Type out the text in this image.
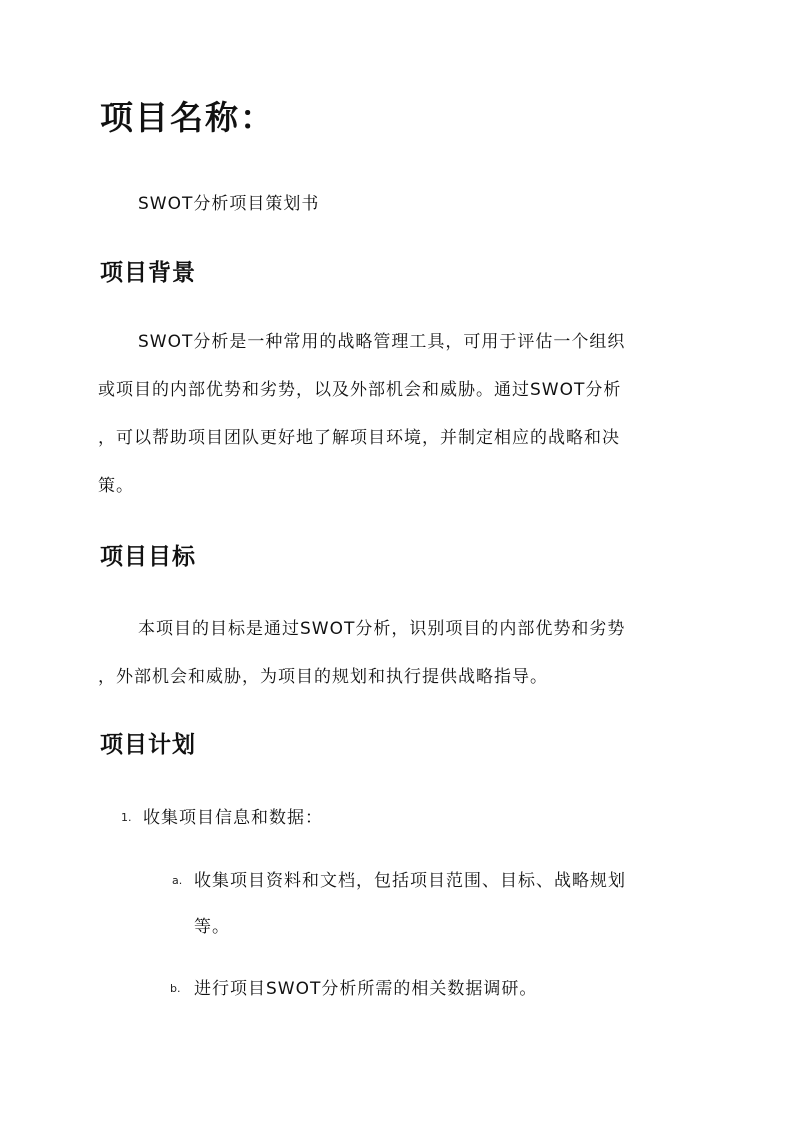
项目名称：

SWOT分析项目策划书

项目背景

SWOT分析是一种常用的战略管理工具，可用于评估一个组织
或项目的内部优势和劣势，以及外部机会和威胁。通过SWOT分析
，可以帮助项目团队更好地了解项目环境，并制定相应的战略和决
策。

项目目标

本项目的目标是通过SWOT分析，识别项目的内部优势和劣势
，外部机会和威胁，为项目的规划和执行提供战略指导。

项目计划
1. 收集项目信息和数据：

a. 收集项目资料和文档，包括项目范围、目标、战略规划
等。

b. 进行项目SWOT分析所需的相关数据调研。
